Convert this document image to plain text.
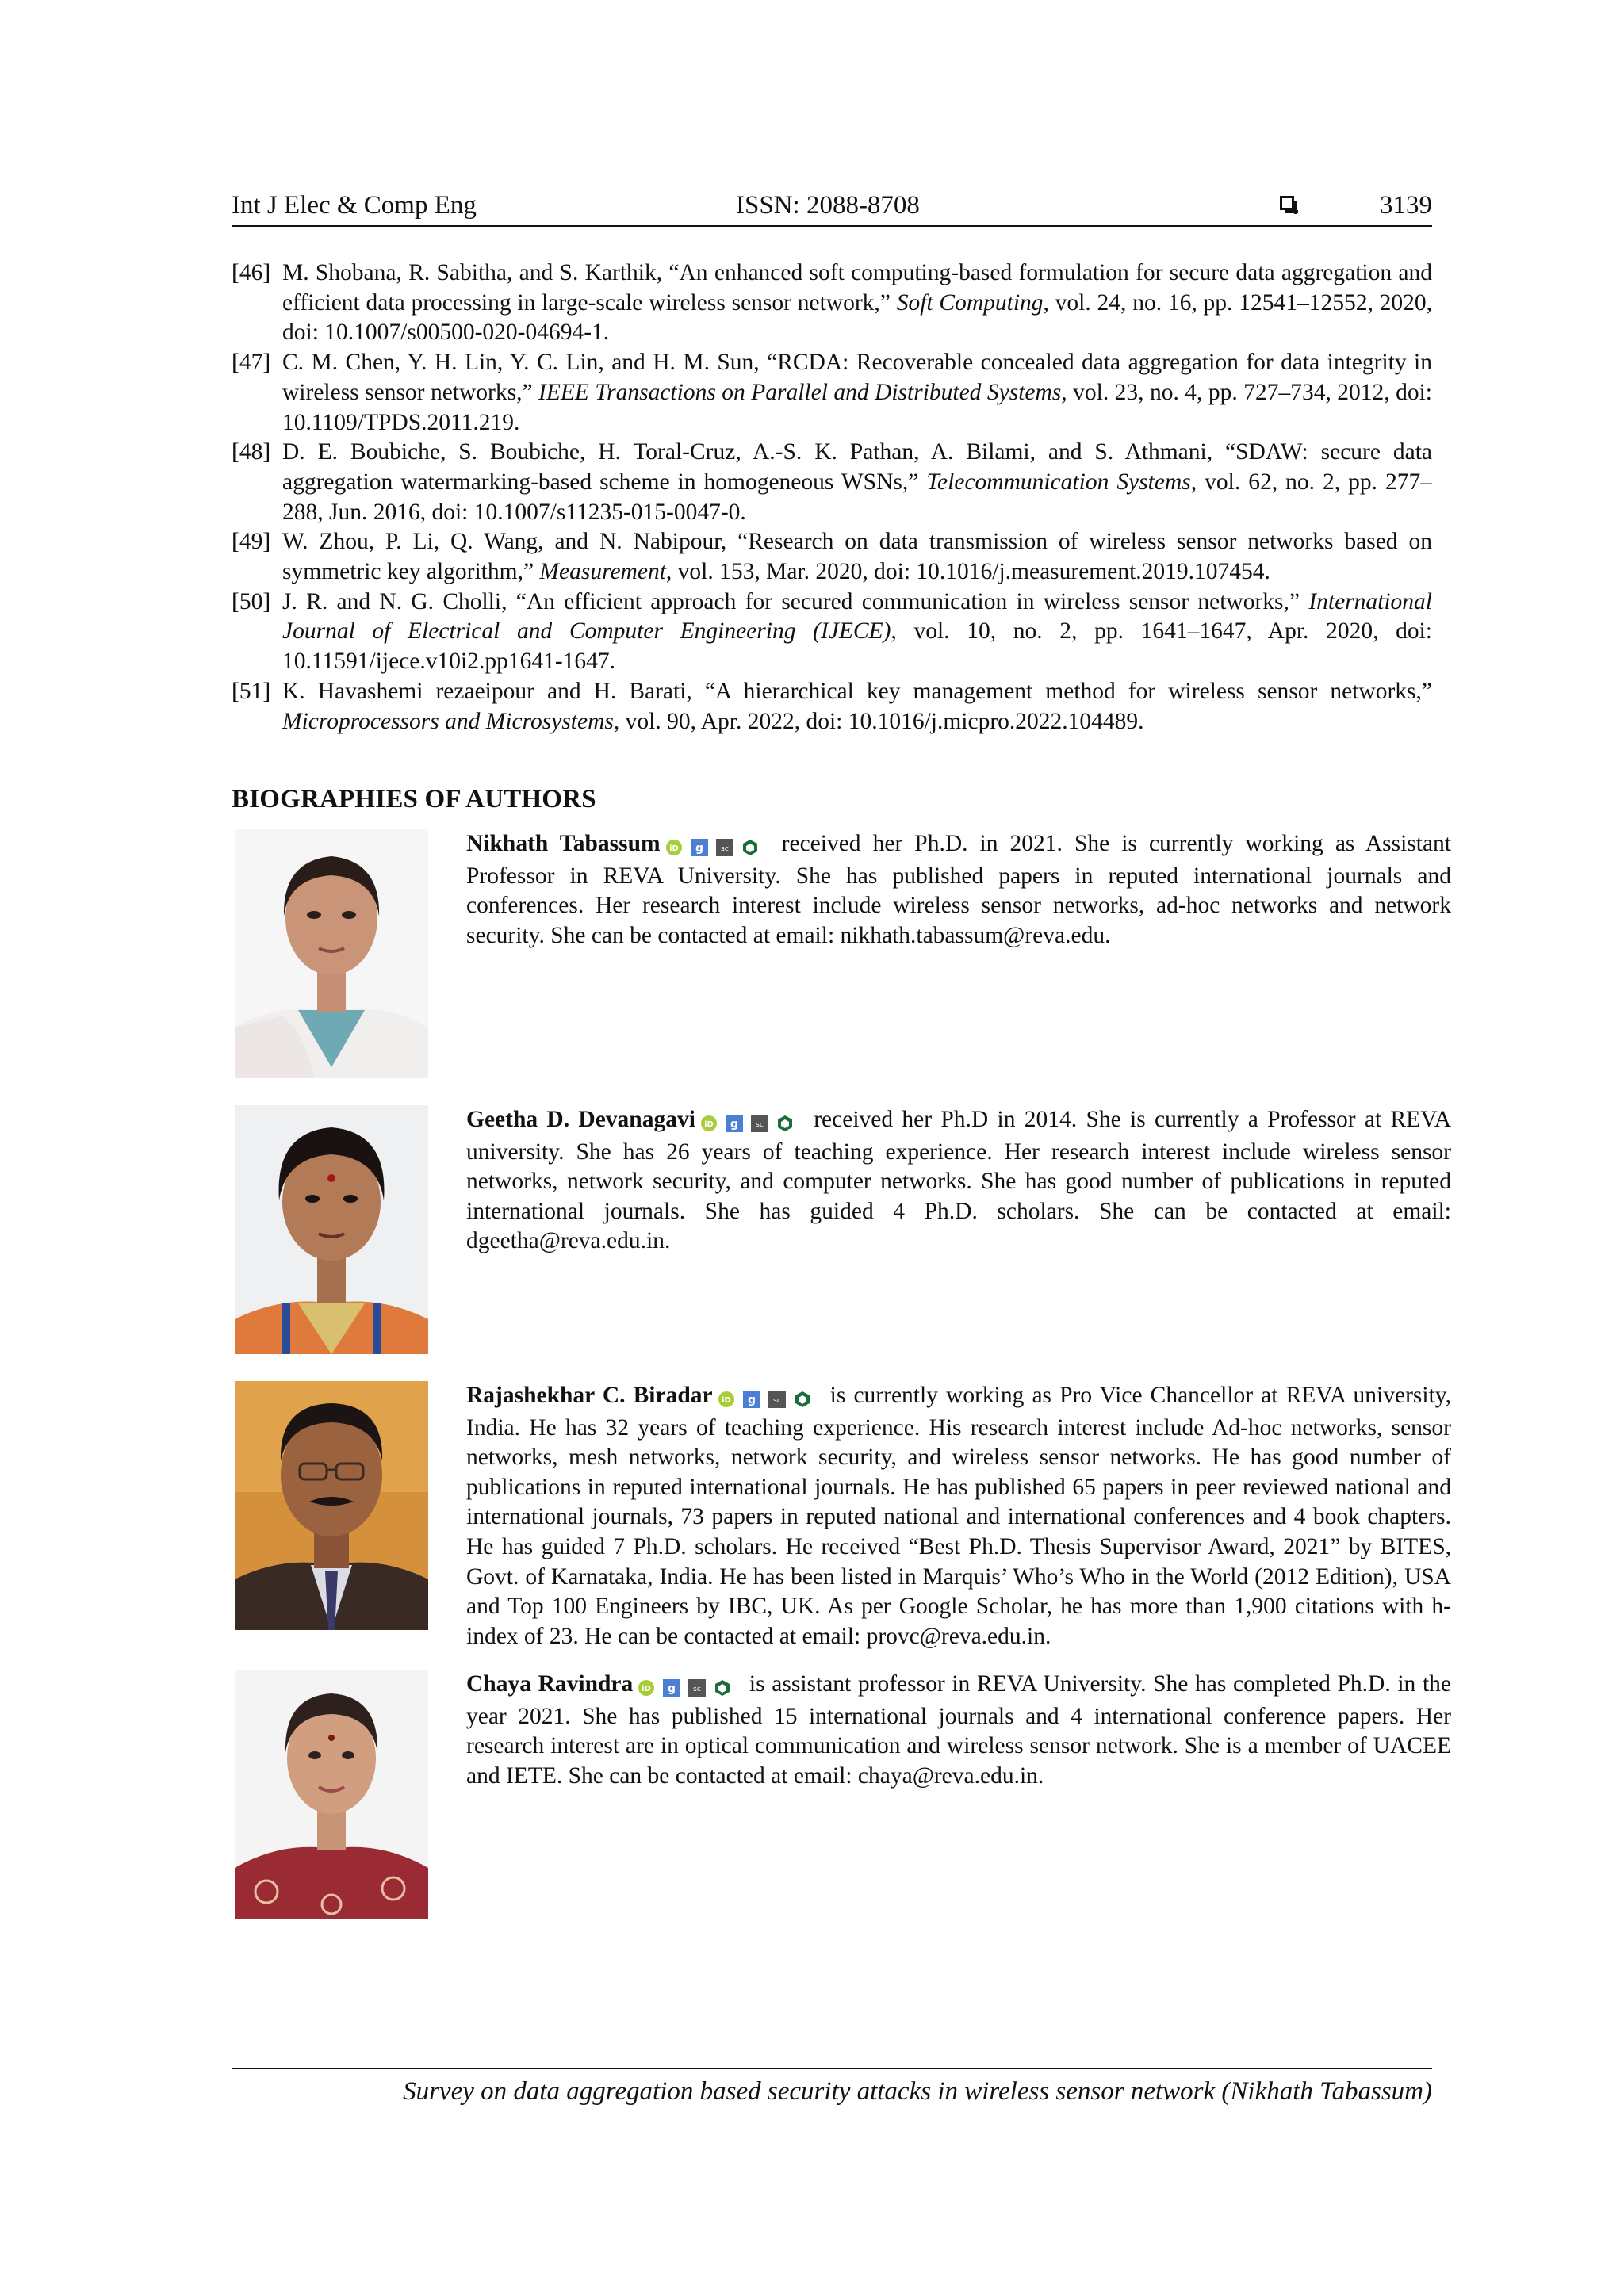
Int J Elec & Comp Eng	ISSN: 2088-8708	3139

[46] M. Shobana, R. Sabitha, and S. Karthik, “An enhanced soft computing-based formulation for secure data aggregation and efficient data processing in large-scale wireless sensor network,” Soft Computing, vol. 24, no. 16, pp. 12541–12552, 2020, doi: 10.1007/s00500-020-04694-1.

[47] C. M. Chen, Y. H. Lin, Y. C. Lin, and H. M. Sun, “RCDA: Recoverable concealed data aggregation for data integrity in wireless sensor networks,” IEEE Transactions on Parallel and Distributed Systems, vol. 23, no. 4, pp. 727–734, 2012, doi: 10.1109/TPDS.2011.219.

[48] D. E. Boubiche, S. Boubiche, H. Toral-Cruz, A.-S. K. Pathan, A. Bilami, and S. Athmani, “SDAW: secure data aggregation watermarking-based scheme in homogeneous WSNs,” Telecommunication Systems, vol. 62, no. 2, pp. 277–288, Jun. 2016, doi: 10.1007/s11235-015-0047-0.

[49] W. Zhou, P. Li, Q. Wang, and N. Nabipour, “Research on data transmission of wireless sensor networks based on symmetric key algorithm,” Measurement, vol. 153, Mar. 2020, doi: 10.1016/j.measurement.2019.107454.

[50] J. R. and N. G. Cholli, “An efficient approach for secured communication in wireless sensor networks,” International Journal of Electrical and Computer Engineering (IJECE), vol. 10, no. 2, pp. 1641–1647, Apr. 2020, doi: 10.11591/ijece.v10i2.pp1641-1647.

[51] K. Havashemi rezaeipour and H. Barati, “A hierarchical key management method for wireless sensor networks,” Microprocessors and Microsystems, vol. 90, Apr. 2022, doi: 10.1016/j.micpro.2022.104489.

BIOGRAPHIES OF AUTHORS
Nikhath Tabassum iD g sc received her Ph.D. in 2021. She is currently working as Assistant Professor in REVA University. She has published papers in reputed international journals and conferences. Her research interest include wireless sensor networks, ad-hoc networks and network security. She can be contacted at email: nikhath.tabassum@reva.edu.
Geetha D. Devanagavi iD g sc received her Ph.D in 2014. She is currently a Professor at REVA university. She has 26 years of teaching experience. Her research interest include wireless sensor networks, network security, and computer networks. She has good number of publications in reputed international journals. She has guided 4 Ph.D. scholars. She can be contacted at email: dgeetha@reva.edu.in.
Rajashekhar C. Biradar iD g sc is currently working as Pro Vice Chancellor at REVA university, India. He has 32 years of teaching experience. His research interest include Ad-hoc networks, sensor networks, mesh networks, network security, and wireless sensor networks. He has good number of publications in reputed international journals. He has published 65 papers in peer reviewed national and international journals, 73 papers in reputed national and international conferences and 4 book chapters. He has guided 7 Ph.D. scholars. He received “Best Ph.D. Thesis Supervisor Award, 2021” by BITES, Govt. of Karnataka, India. He has been listed in Marquis’ Who’s Who in the World (2012 Edition), USA and Top 100 Engineers by IBC, UK. As per Google Scholar, he has more than 1,900 citations with h-index of 23. He can be contacted at email: provc@reva.edu.in.
Chaya Ravindra iD g sc is assistant professor in REVA University. She has completed Ph.D. in the year 2021. She has published 15 international journals and 4 international conference papers. Her research interest are in optical communication and wireless sensor network. She is a member of UACEE and IETE. She can be contacted at email: chaya@reva.edu.in.
Survey on data aggregation based security attacks in wireless sensor network (Nikhath Tabassum)
